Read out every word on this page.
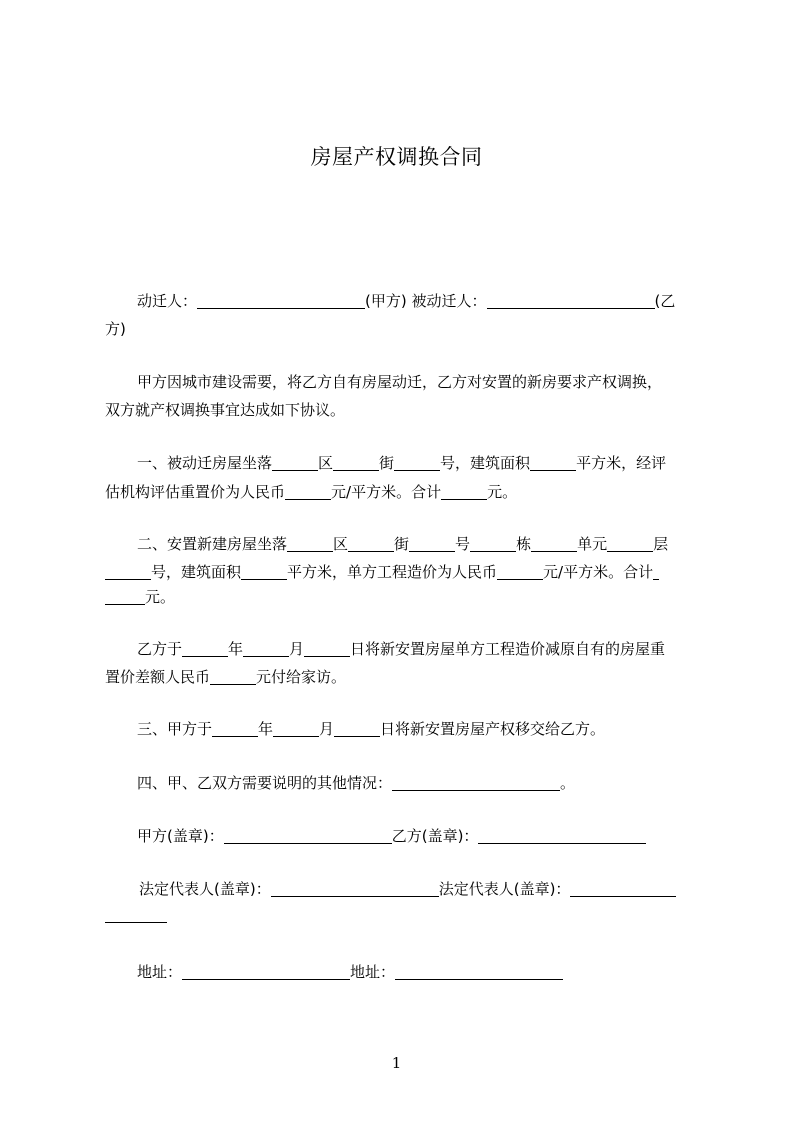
房屋产权调换合同
动迁人：	(甲方) 被动迁人：	(乙
方)
甲方因城市建设需要，将乙方自有房屋动迁，乙方对安置的新房要求产权调换，
双方就产权调换事宜达成如下协议。
一、被动迁房屋坐落	区	街	号，建筑面积	平方米，经评
估机构评估重置价为人民币	元/平方米。合计	元。
二、安置新建房屋坐落	区	街	号	栋	单元	层
号，建筑面积	平方米，单方工程造价为人民币	元/平方米。合计
元。
乙方于	年	月	日将新安置房屋单方工程造价减原自有的房屋重
置价差额人民币	元付给家访。
三、甲方于	年	月	日将新安置房屋产权移交给乙方。
四、甲、乙双方需要说明的其他情况：	。
甲方(盖章)：	乙方(盖章)：
法定代表人(盖章)：	法定代表人(盖章)：
地址：	地址：
1
